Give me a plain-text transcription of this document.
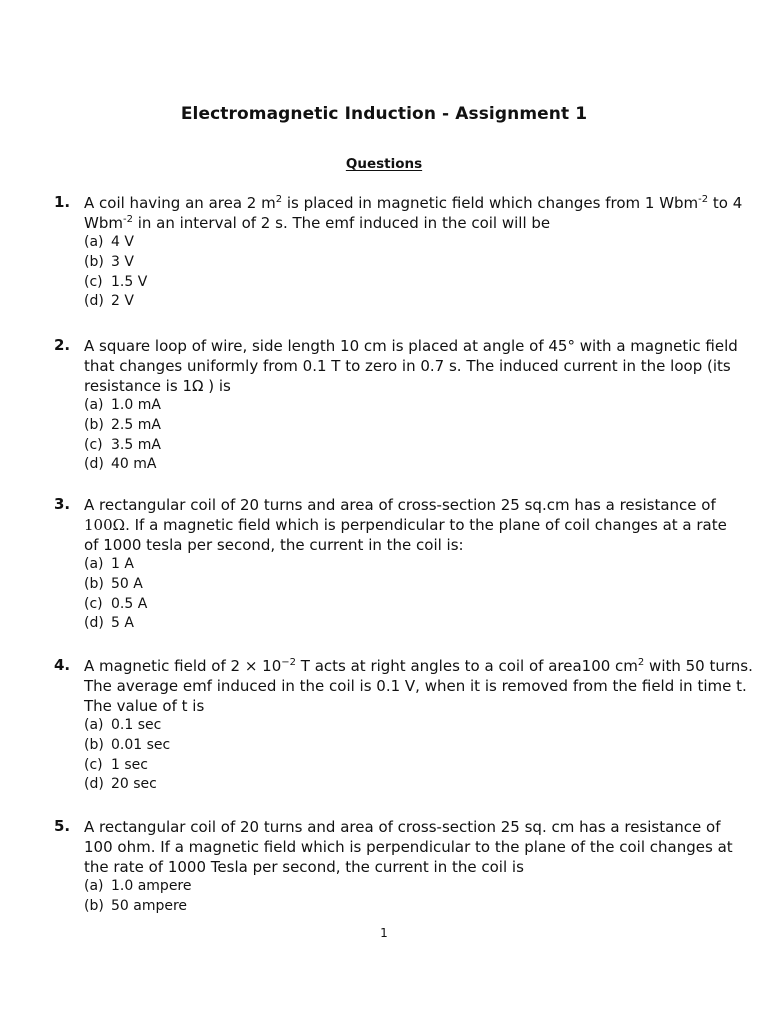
Electromagnetic Induction - Assignment 1
Questions
1. A coil having an area 2 $m^2$ is placed in magnetic field which changes from 1 Wbm$^{-2}$ to 4
Wbm$^{-2}$ in an interval of 2 s. The emf induced in the coil will be
(a) 4 V
(b) 3 V
(c) 1.5 V
(d) 2 V
2. A square loop of wire, side length 10 cm is placed at angle of 45° with a magnetic field
that changes uniformly from 0.1 T to zero in 0.7 s. The induced current in the loop (its
resistance is 1Ω ) is
(a) 1.0 mA
(b) 2.5 mA
(c) 3.5 mA
(d) 40 mA
3. A rectangular coil of 20 turns and area of cross-section 25 sq.cm has a resistance of
100Ω. If a magnetic field which is perpendicular to the plane of coil changes at a rate
of 1000 tesla per second, the current in the coil is:
(a) 1 A
(b) 50 A
(c) 0.5 A
(d) 5 A
4. A magnetic field of $2 \times 10^{-2}$ T acts at right angles to a coil of area100 $cm^2$ with 50 turns.
The average emf induced in the coil is 0.1 V, when it is removed from the field in time t.
The value of t is
(a) 0.1 sec
(b) 0.01 sec
(c) 1 sec
(d) 20 sec
5. A rectangular coil of 20 turns and area of cross-section 25 sq. cm has a resistance of
100 ohm. If a magnetic field which is perpendicular to the plane of the coil changes at
the rate of 1000 Tesla per second, the current in the coil is
(a) 1.0 ampere
(b) 50 ampere
1
